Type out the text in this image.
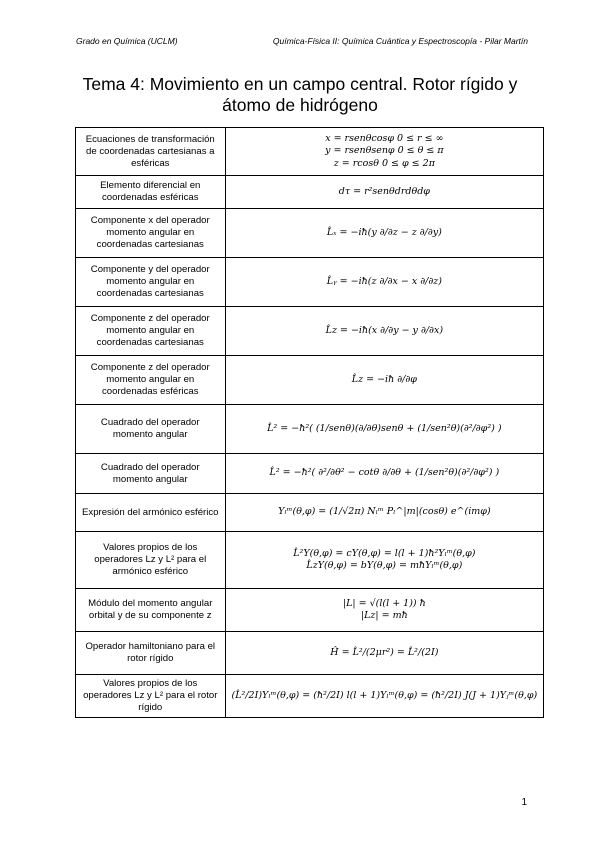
Grado en Química (UCLM)	Química-Física II: Química Cuántica y Espectroscopía - Pilar Martín
Tema 4: Movimiento en un campo central. Rotor rígido y
átomo de hidrógeno
Ecuaciones de transformación
de coordenadas cartesianas a
esféricas	x = rsenθcosφ 0 ≤ r ≤ ∞
y = rsenθsenφ 0 ≤ θ ≤ π
z = rcosθ 0 ≤ φ ≤ 2π

Elemento diferencial en
coordenadas esféricas	dτ = r²senθdrdθdφ

Componente x del operador
momento angular en
coordenadas cartesianas	L̂ₓ = −iħ(y ∂/∂z − z ∂/∂y)

Componente y del operador
momento angular en
coordenadas cartesianas	L̂ᵧ = −iħ(z ∂/∂x − x ∂/∂z)

Componente z del operador
momento angular en
coordenadas cartesianas	L̂z = −iħ(x ∂/∂y − y ∂/∂x)

Componente z del operador
momento angular en
coordenadas esféricas	L̂z = −iħ ∂/∂φ

Cuadrado del operador
momento angular	L̂² = −ħ²( (1/senθ)(∂/∂θ)senθ + (1/sen²θ)(∂²/∂φ²) )

Cuadrado del operador
momento angular	L̂² = −ħ²( ∂²/∂θ² − cotθ ∂/∂θ + (1/sen²θ)(∂²/∂φ²) )

Expresión del armónico esférico	Yₗᵐ(θ,φ) = (1/√2π) Nₗᵐ Pₗ^|m|(cosθ) e^(imφ)

Valores propios de los
operadores Lz y L² para el
armónico esférico	L̂²Y(θ,φ) = cY(θ,φ) = l(l + 1)ħ²Yₗᵐ(θ,φ)
L̂zY(θ,φ) = bY(θ,φ) = mħYₗᵐ(θ,φ)

Módulo del momento angular
orbital y de su componente z	|L| = √(l(l + 1)) ħ
|Lz| = mħ

Operador hamiltoniano para el
rotor rígido	Ĥ = L̂²/(2μr²) = L̂²/(2I)

Valores propios de los
operadores Lz y L² para el rotor
rígido	(L̂²/2I)Yₗᵐ(θ,φ) = (ħ²/2I) l(l + 1)Yₗᵐ(θ,φ) = (ħ²/2I) J(J + 1)Yⱼᵐ(θ,φ)
1
